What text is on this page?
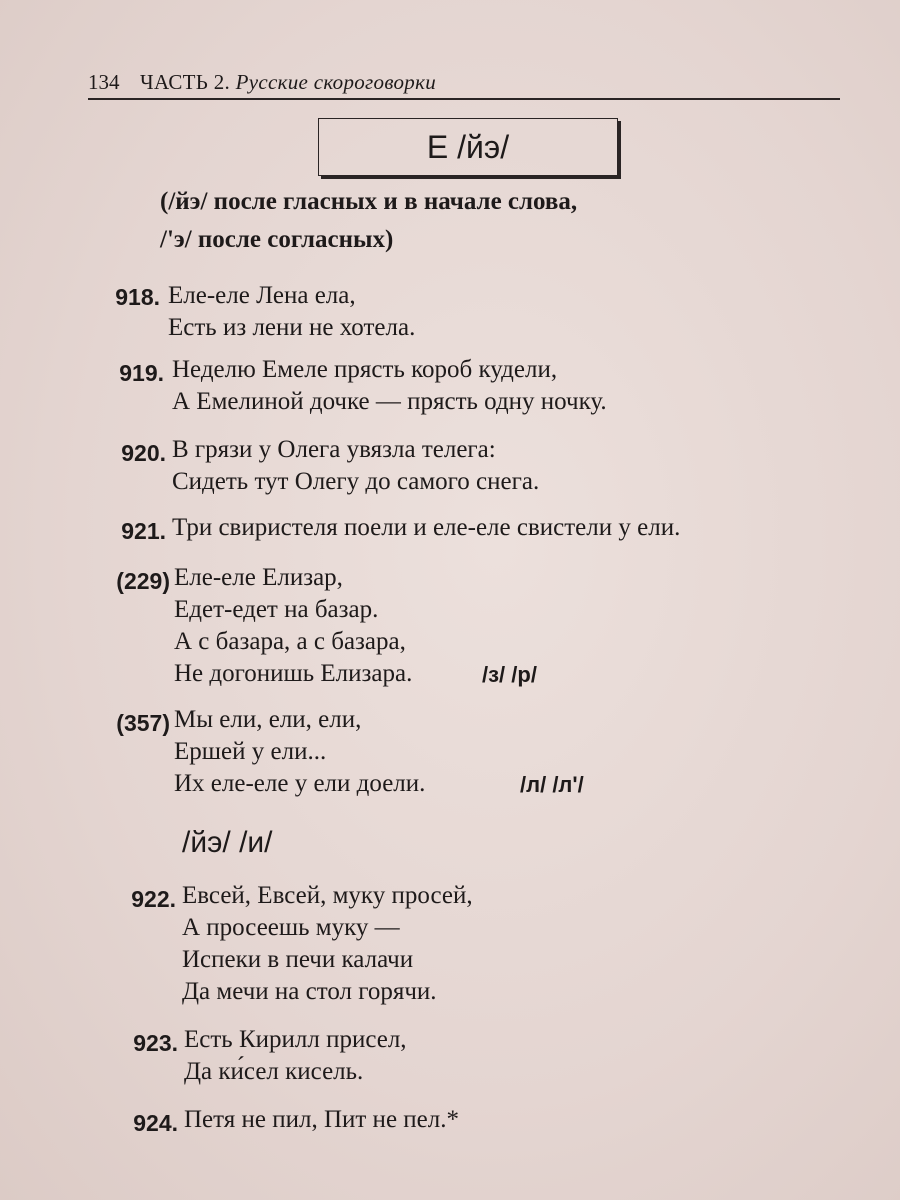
134 ЧАСТЬ 2. Русские скороговорки
Е /йэ/
(/йэ/ после гласных и в начале слова,
/'э/ после согласных)
918. Еле-еле Лена ела,
Есть из лени не хотела.
919. Неделю Емеле прясть короб кудели,
А Емелиной дочке — прясть одну ночку.
920. В грязи у Олега увязла телега:
Сидеть тут Олегу до самого снега.
921. Три свиристеля поели и еле-еле свистели у ели.
(229) Еле-еле Елизар,
Едет-едет на базар.
А с базара, а с базара,
Не догонишь Елизара.	/з/ /р/
(357) Мы ели, ели, ели,
Ершей у ели...
Их еле-еле у ели доели.	/л/ /л'/
/йэ/ /и/
922. Евсей, Евсей, муку просей,
А просеешь муку —
Испеки в печи калачи
Да мечи на стол горячи.
923. Есть Кирилл присел,
Да ки́сел кисель.
924. Петя не пил, Пит не пел.*
